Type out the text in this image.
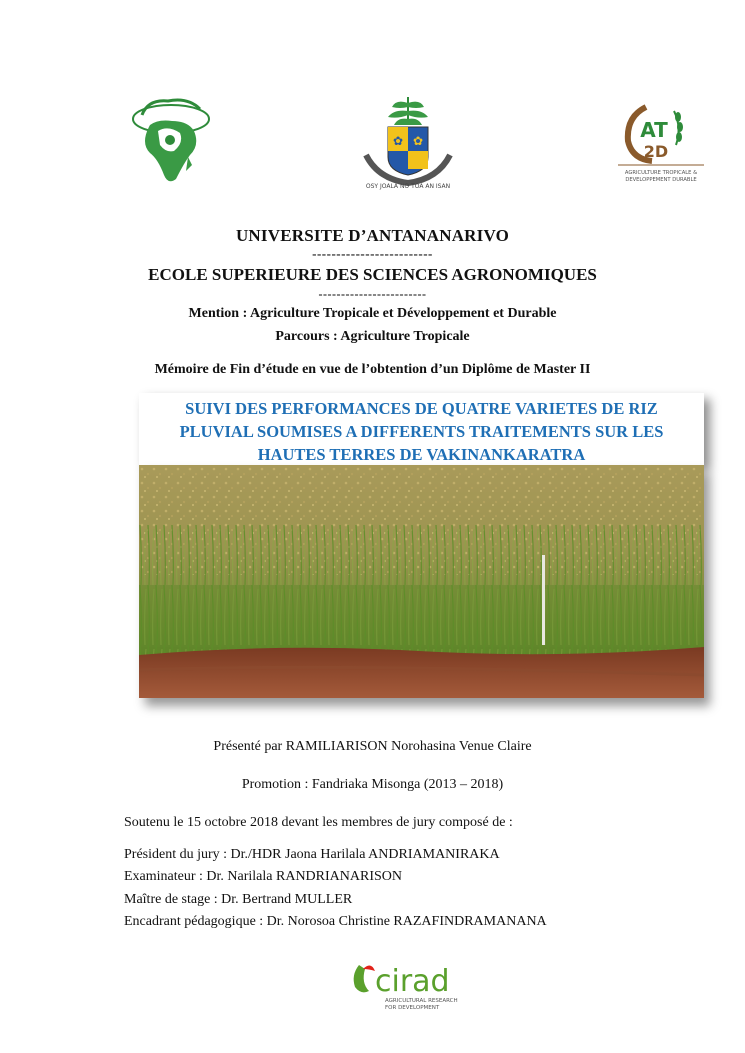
✿ ✿
OSY JOALA NO TOA AN ISAN
AT
2D
AGRICULTURE TROPICALE &
DEVELOPPEMENT DURABLE
UNIVERSITE D’ANTANANARIVO
-------------------------
ECOLE SUPERIEURE DES SCIENCES AGRONOMIQUES
------------------------
Mention : Agriculture Tropicale et Développement et Durable
Parcours : Agriculture Tropicale
Mémoire de Fin d’étude en vue de l’obtention d’un Diplôme de Master II
SUIVI DES PERFORMANCES DE QUATRE VARIETES DE RIZ
PLUVIAL SOUMISES A DIFFERENTS TRAITEMENTS SUR LES
HAUTES TERRES DE VAKINANKARATRA
Présenté par RAMILIARISON Norohasina Venue Claire
Promotion : Fandriaka Misonga (2013 – 2018)
Soutenu le 15 octobre 2018 devant les membres de jury composé de :
Président du jury : Dr./HDR Jaona Harilala ANDRIAMANIRAKA
Examinateur : Dr. Narilala RANDRIANARISON
Maître de stage : Dr. Bertrand MULLER
Encadrant pédagogique : Dr. Norosoa Christine RAZAFINDRAMANANA
cirad
AGRICULTURAL RESEARCH
FOR DEVELOPMENT
